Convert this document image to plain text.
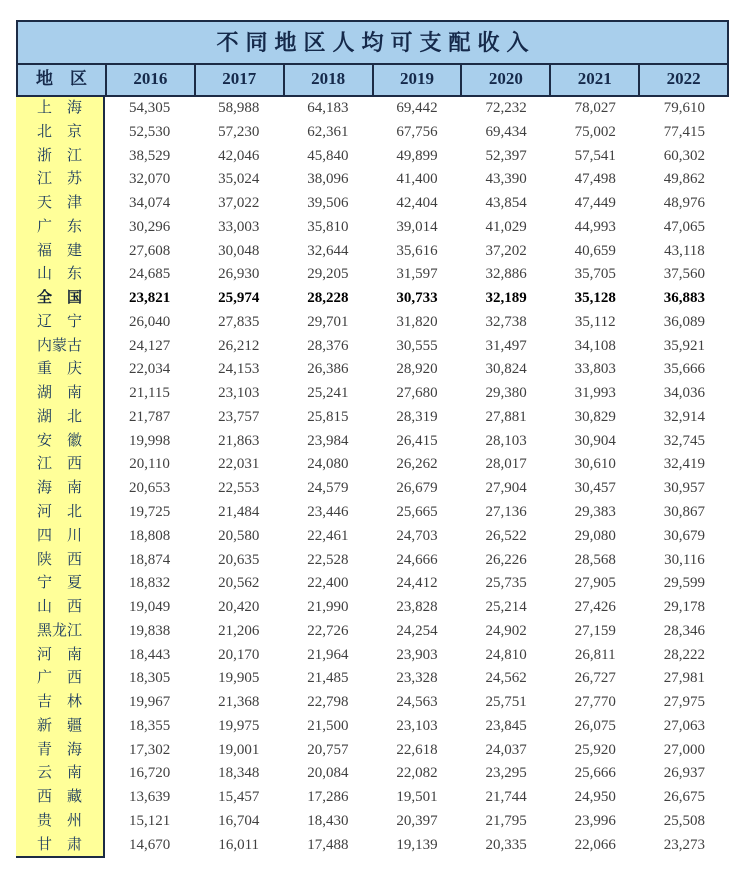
不同地区人均可支配收入
地　区	2016	2017	2018	2019	2020	2021	2022
上　海	54,305	58,988	64,183	69,442	72,232	78,027	79,610
北　京	52,530	57,230	62,361	67,756	69,434	75,002	77,415
浙　江	38,529	42,046	45,840	49,899	52,397	57,541	60,302
江　苏	32,070	35,024	38,096	41,400	43,390	47,498	49,862
天　津	34,074	37,022	39,506	42,404	43,854	47,449	48,976
广　东	30,296	33,003	35,810	39,014	41,029	44,993	47,065
福　建	27,608	30,048	32,644	35,616	37,202	40,659	43,118
山　东	24,685	26,930	29,205	31,597	32,886	35,705	37,560
全　国	23,821	25,974	28,228	30,733	32,189	35,128	36,883
辽　宁	26,040	27,835	29,701	31,820	32,738	35,112	36,089
内蒙古	24,127	26,212	28,376	30,555	31,497	34,108	35,921
重　庆	22,034	24,153	26,386	28,920	30,824	33,803	35,666
湖　南	21,115	23,103	25,241	27,680	29,380	31,993	34,036
湖　北	21,787	23,757	25,815	28,319	27,881	30,829	32,914
安　徽	19,998	21,863	23,984	26,415	28,103	30,904	32,745
江　西	20,110	22,031	24,080	26,262	28,017	30,610	32,419
海　南	20,653	22,553	24,579	26,679	27,904	30,457	30,957
河　北	19,725	21,484	23,446	25,665	27,136	29,383	30,867
四　川	18,808	20,580	22,461	24,703	26,522	29,080	30,679
陕　西	18,874	20,635	22,528	24,666	26,226	28,568	30,116
宁　夏	18,832	20,562	22,400	24,412	25,735	27,905	29,599
山　西	19,049	20,420	21,990	23,828	25,214	27,426	29,178
黑龙江	19,838	21,206	22,726	24,254	24,902	27,159	28,346
河　南	18,443	20,170	21,964	23,903	24,810	26,811	28,222
广　西	18,305	19,905	21,485	23,328	24,562	26,727	27,981
吉　林	19,967	21,368	22,798	24,563	25,751	27,770	27,975
新　疆	18,355	19,975	21,500	23,103	23,845	26,075	27,063
青　海	17,302	19,001	20,757	22,618	24,037	25,920	27,000
云　南	16,720	18,348	20,084	22,082	23,295	25,666	26,937
西　藏	13,639	15,457	17,286	19,501	21,744	24,950	26,675
贵　州	15,121	16,704	18,430	20,397	21,795	23,996	25,508
甘　肃	14,670	16,011	17,488	19,139	20,335	22,066	23,273
